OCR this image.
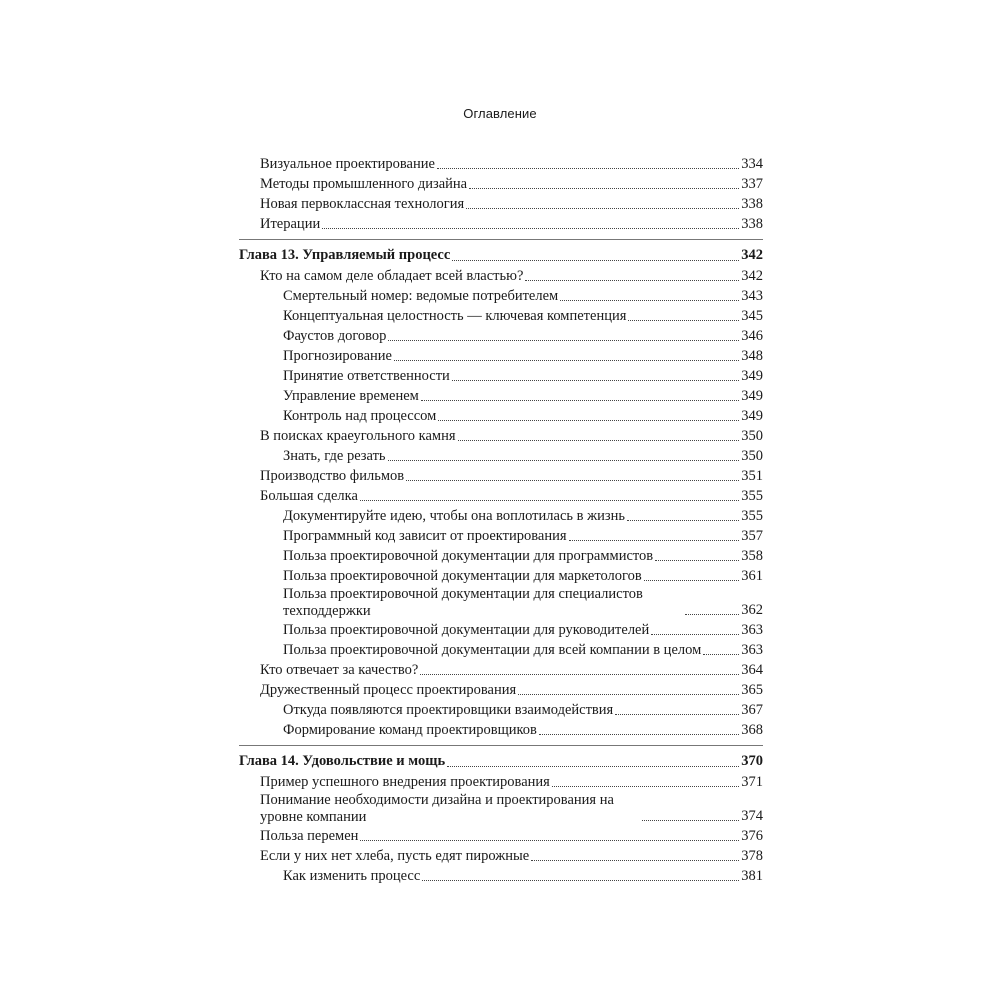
Оглавление
Визуальное проектирование	334
Методы промышленного дизайна	337
Новая первоклассная технология	338
Итерации	338
Глава 13. Управляемый процесс	342
Кто на самом деле обладает всей властью?	342
Смертельный номер: ведомые потребителем	343
Концептуальная целостность — ключевая компетенция	345
Фаустов договор	346
Прогнозирование	348
Принятие ответственности	349
Управление временем	349
Контроль над процессом	349
В поисках краеугольного камня	350
Знать, где резать	350
Производство фильмов	351
Большая сделка	355
Документируйте идею, чтобы она воплотилась в жизнь	355
Программный код зависит от проектирования	357
Польза проектировочной документации для программистов	358
Польза проектировочной документации для маркетологов	361
Польза проектировочной документации для специалистов техподдержки	362
Польза проектировочной документации для руководителей	363
Польза проектировочной документации для всей компании в целом	363
Кто отвечает за качество?	364
Дружественный процесс проектирования	365
Откуда появляются проектировщики взаимодействия	367
Формирование команд проектировщиков	368
Глава 14. Удовольствие и мощь	370
Пример успешного внедрения проектирования	371
Понимание необходимости дизайна и проектирования на уровне компании	374
Польза перемен	376
Если у них нет хлеба, пусть едят пирожные	378
Как изменить процесс	381
